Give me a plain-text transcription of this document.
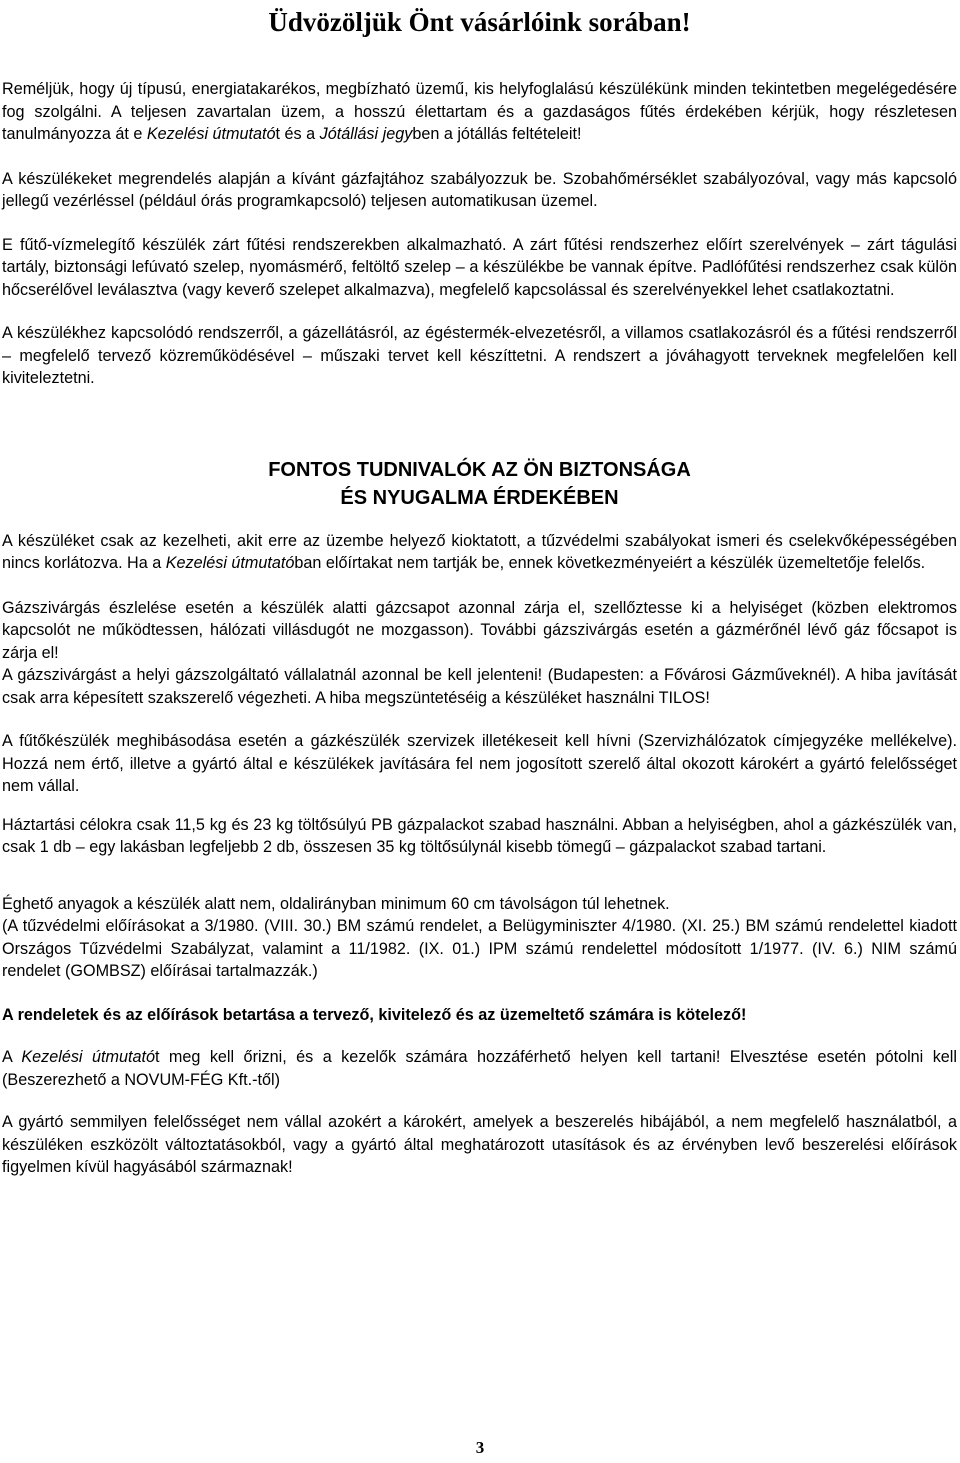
Üdvözöljük Önt vásárlóink sorában!

Reméljük, hogy új típusú, energiatakarékos, megbízható üzemű, kis helyfoglalású készülékünk minden tekintetben megelégedésére fog szolgálni. A teljesen zavartalan üzem, a hosszú élettartam és a gazdaságos fűtés érdekében kérjük, hogy részletesen tanulmányozza át e Kezelési útmutatót és a Jótállási jegyben a jótállás feltételeit!

A készülékeket megrendelés alapján a kívánt gázfajtához szabályozzuk be. Szobahőmérséklet szabályozóval, vagy más kapcsoló jellegű vezérléssel (például órás programkapcsoló) teljesen automatikusan üzemel.

E fűtő-vízmelegítő készülék zárt fűtési rendszerekben alkalmazható. A zárt fűtési rendszerhez előírt szerelvények – zárt tágulási tartály, biztonsági lefúvató szelep, nyomásmérő, feltöltő szelep – a készülékbe be vannak építve. Padlófűtési rendszerhez csak külön hőcserélővel leválasztva (vagy keverő szelepet alkalmazva), megfelelő kapcsolással és szerelvényekkel lehet csatlakoztatni.

A készülékhez kapcsolódó rendszerről, a gázellátásról, az égéstermék-elvezetésről, a villamos csatlakozásról és a fűtési rendszerről – megfelelő tervező közreműködésével – műszaki tervet kell készíttetni. A rendszert a jóváhagyott terveknek megfelelően kell kiviteleztetni.

FONTOS TUDNIVALÓK AZ ÖN BIZTONSÁGA
ÉS NYUGALMA ÉRDEKÉBEN

A készüléket csak az kezelheti, akit erre az üzembe helyező kioktatott, a tűzvédelmi szabályokat ismeri és cselekvőképességében nincs korlátozva. Ha a Kezelési útmutatóban előírtakat nem tartják be, ennek következményeiért a készülék üzemeltetője felelős.

Gázszivárgás észlelése esetén a készülék alatti gázcsapot azonnal zárja el, szellőztesse ki a helyiséget (közben elektromos kapcsolót ne működtessen, hálózati villásdugót ne mozgasson). További gázszivárgás esetén a gázmérőnél lévő gáz főcsapot is zárja el!

A gázszivárgást a helyi gázszolgáltató vállalatnál azonnal be kell jelenteni! (Budapesten: a Fővárosi Gázműveknél). A hiba javítását csak arra képesített szakszerelő végezheti. A hiba megszüntetéséig a készüléket használni TILOS!

A fűtőkészülék meghibásodása esetén a gázkészülék szervizek illetékeseit kell hívni (Szervizhálózatok címjegyzéke mellékelve). Hozzá nem értő, illetve a gyártó által e készülékek javítására fel nem jogosított szerelő által okozott károkért a gyártó felelősséget nem vállal.

Háztartási célokra csak 11,5 kg és 23 kg töltősúlyú PB gázpalackot szabad használni. Abban a helyiségben, ahol a gázkészülék van, csak 1 db – egy lakásban legfeljebb 2 db, összesen 35 kg töltősúlynál kisebb tömegű – gázpalackot szabad tartani.

Éghető anyagok a készülék alatt nem, oldalirányban minimum 60 cm távolságon túl lehetnek.
(A tűzvédelmi előírásokat a 3/1980. (VIII. 30.) BM számú rendelet, a Belügyminiszter 4/1980. (XI. 25.) BM számú rendelettel kiadott Országos Tűzvédelmi Szabályzat, valamint a 11/1982. (IX. 01.) IPM számú rendelettel módosított 1/1977. (IV. 6.) NIM számú rendelet (GOMBSZ) előírásai tartalmazzák.)

A rendeletek és az előírások betartása a tervező, kivitelező és az üzemeltető számára is kötelező!

A Kezelési útmutatót meg kell őrizni, és a kezelők számára hozzáférhető helyen kell tartani! Elvesztése esetén pótolni kell (Beszerezhető a NOVUM-FÉG Kft.-től)

A gyártó semmilyen felelősséget nem vállal azokért a károkért, amelyek a beszerelés hibájából, a nem megfelelő használatból, a készüléken eszközölt változtatásokból, vagy a gyártó által meghatározott utasítások és az érvényben levő beszerelési előírások figyelmen kívül hagyásából származnak!

3
